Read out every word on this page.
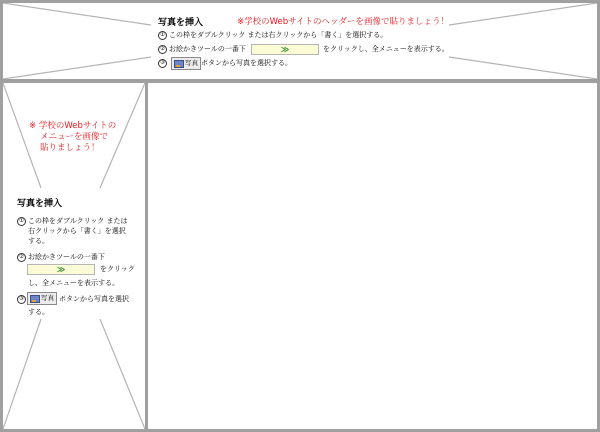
写真を挿入	※学校のWebサイトのヘッダーを画像で貼りましょう！
① この枠をダブルクリック または右クリックから「書く」を選択する。
② お絵かきツールの一番下	≫	をクリックし、全メニューを表示する。
③	写真 ボタンから写真を選択する。
※ 学校のWebサイトの
メニューを画像で
貼りましょう！
写真を挿入
① この枠をダブルクリック または
右クリックから「書く」を選択
する。
② お絵かきツールの一番下
≫	をクリック
し、全メニューを表示する。
③	写真 ボタンから写真を選択
する。
